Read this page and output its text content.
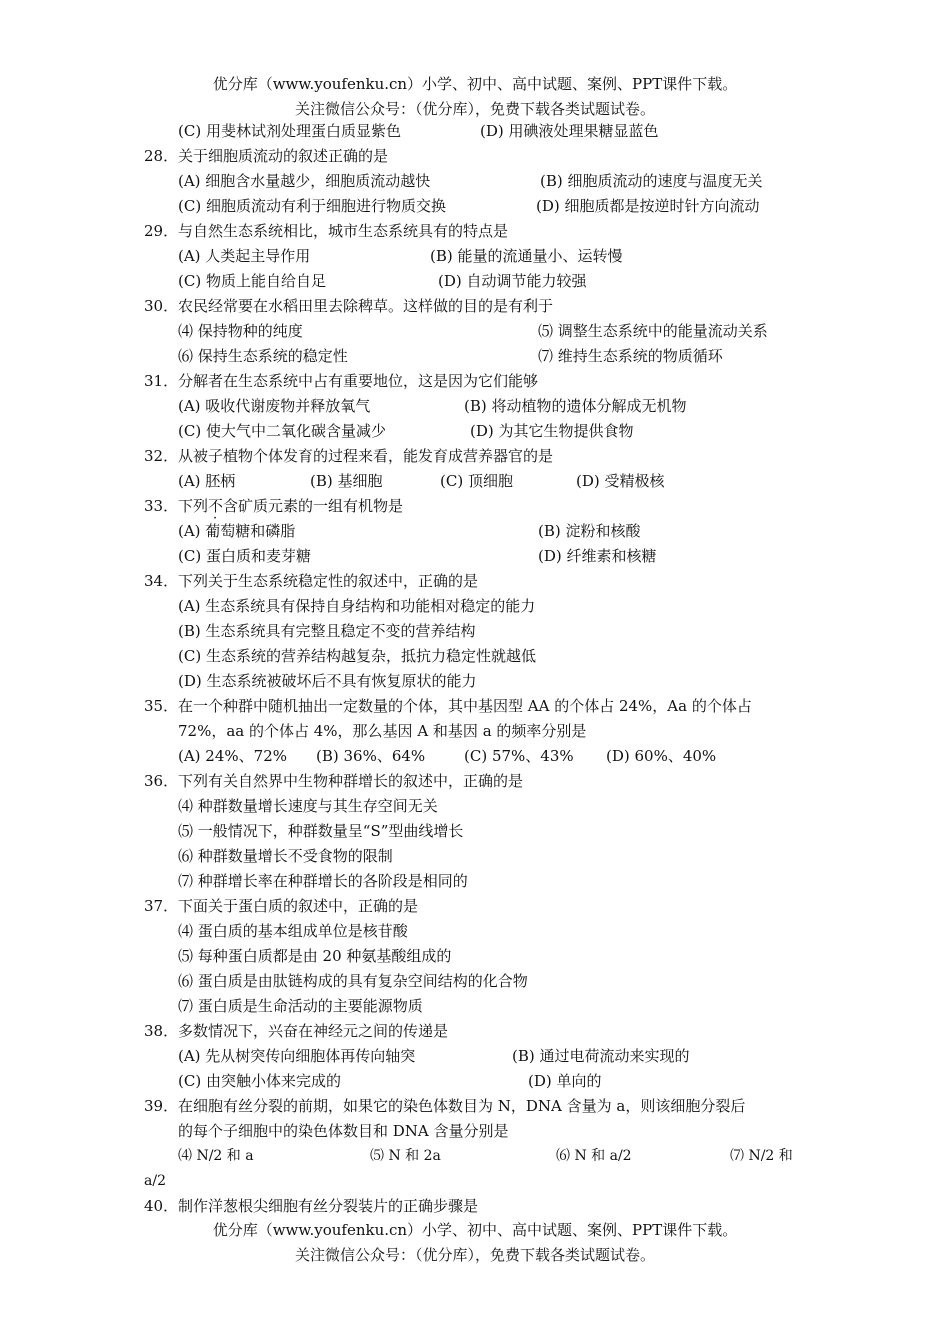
优分库（www.youfenku.cn）小学、初中、高中试题、案例、PPT课件下载。
关注微信公众号：（优分库），免费下载各类试题试卷。
(C) 用斐林试剂处理蛋白质显紫色	(D) 用碘液处理果糖显蓝色
28． 关于细胞质流动的叙述正确的是
(A) 细胞含水量越少，细胞质流动越快	(B) 细胞质流动的速度与温度无关
(C) 细胞质流动有利于细胞进行物质交换	(D) 细胞质都是按逆时针方向流动
29． 与自然生态系统相比，城市生态系统具有的特点是
(A) 人类起主导作用	(B) 能量的流通量小、运转慢
(C) 物质上能自给自足	(D) 自动调节能力较强
30． 农民经常要在水稻田里去除稗草。这样做的目的是有利于
⑷ 保持物种的纯度	⑸ 调整生态系统中的能量流动关系
⑹ 保持生态系统的稳定性	⑺ 维持生态系统的物质循环
31． 分解者在生态系统中占有重要地位，这是因为它们能够
(A) 吸收代谢废物并释放氧气	(B) 将动植物的遗体分解成无机物
(C) 使大气中二氧化碳含量减少	(D) 为其它生物提供食物
32． 从被子植物个体发育的过程来看，能发育成营养器官的是
(A) 胚柄	(B) 基细胞	(C) 顶细胞	(D) 受精极核
33． 下列不含矿质元素的一组有机物是
(A) 葡萄糖和磷脂	(B) 淀粉和核酸
(C) 蛋白质和麦芽糖	(D) 纤维素和核糖
34． 下列关于生态系统稳定性的叙述中，正确的是
(A) 生态系统具有保持自身结构和功能相对稳定的能力
(B) 生态系统具有完整且稳定不变的营养结构
(C) 生态系统的营养结构越复杂，抵抗力稳定性就越低
(D) 生态系统被破坏后不具有恢复原状的能力
35． 在一个种群中随机抽出一定数量的个体，其中基因型 AA 的个体占 24%，Aa 的个体占
72%，aa 的个体占 4%，那么基因 A 和基因 a 的频率分别是
(A) 24%、72% (B) 36%、64%	(C) 57%、43% (D) 60%、40%
36． 下列有关自然界中生物种群增长的叙述中，正确的是
⑷ 种群数量增长速度与其生存空间无关
⑸ 一般情况下，种群数量呈“S”型曲线增长
⑹ 种群数量增长不受食物的限制
⑺ 种群增长率在种群增长的各阶段是相同的
37． 下面关于蛋白质的叙述中，正确的是
⑷ 蛋白质的基本组成单位是核苷酸
⑸ 每种蛋白质都是由 20 种氨基酸组成的
⑹ 蛋白质是由肽链构成的具有复杂空间结构的化合物
⑺ 蛋白质是生命活动的主要能源物质
38． 多数情况下，兴奋在神经元之间的传递是
(A) 先从树突传向细胞体再传向轴突	(B) 通过电荷流动来实现的
(C) 由突触小体来完成的	(D) 单向的
39． 在细胞有丝分裂的前期，如果它的染色体数目为 N，DNA 含量为 a，则该细胞分裂后
的每个子细胞中的染色体数目和 DNA 含量分别是
⑷ N/2 和 a	⑸ N 和 2a	⑹ N 和 a/2	⑺ N/2 和
a/2
40． 制作洋葱根尖细胞有丝分裂装片的正确步骤是
优分库（www.youfenku.cn）小学、初中、高中试题、案例、PPT课件下载。
关注微信公众号：（优分库），免费下载各类试题试卷。
